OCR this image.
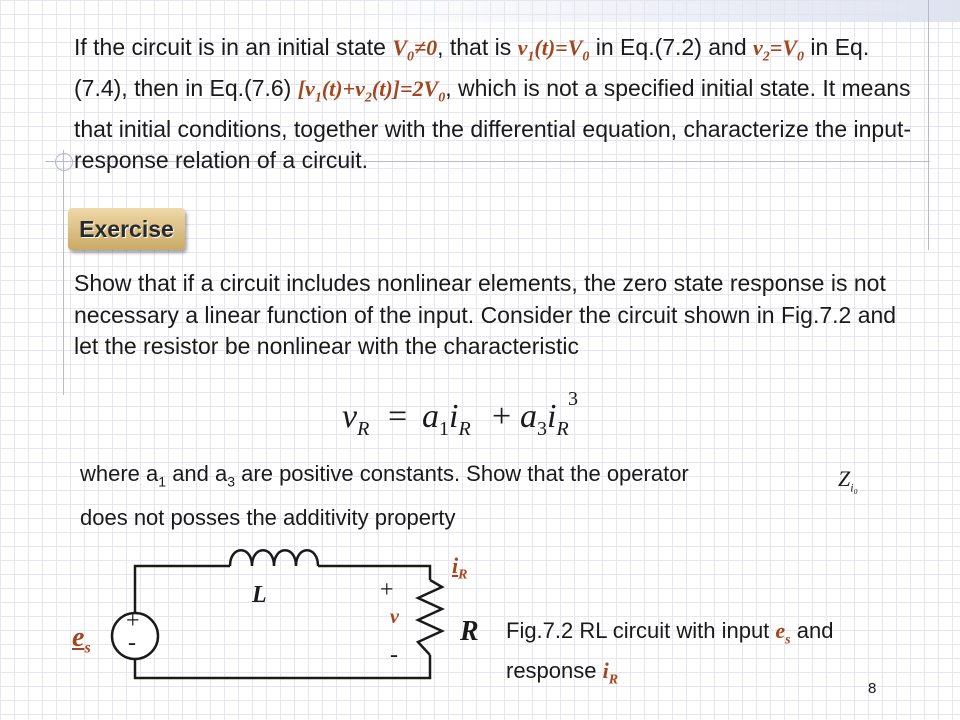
If the circuit is in an initial state $V_0\ne 0$, that is $v_1(t)=V_0$ in Eq.(7.2) and $v_2=V_0$ in Eq. (7.4), then in Eq.(7.6) $[v_1(t)+v_2(t)]=2V_0$, which is not a specified initial state. It means that initial conditions, together with the differential equation, characterize the input-response relation of a circuit.
Exercise
Show that if a circuit includes nonlinear elements, the zero state response is not necessary a linear function of the input. Consider the circuit shown in Fig.7.2 and let the resistor be nonlinear with the characteristic
$v_R = a_1i_R + a_3i_R$
3
where $a_1$ and $a_3$ are positive constants. Show that the operator	$Z_{i_0}$
does not posses the additivity property
+
-
L
R
$e_s$
+
v
-
$i_R$
Fig.7.2 RL circuit with input $e_s$ and response $i_R$	8
